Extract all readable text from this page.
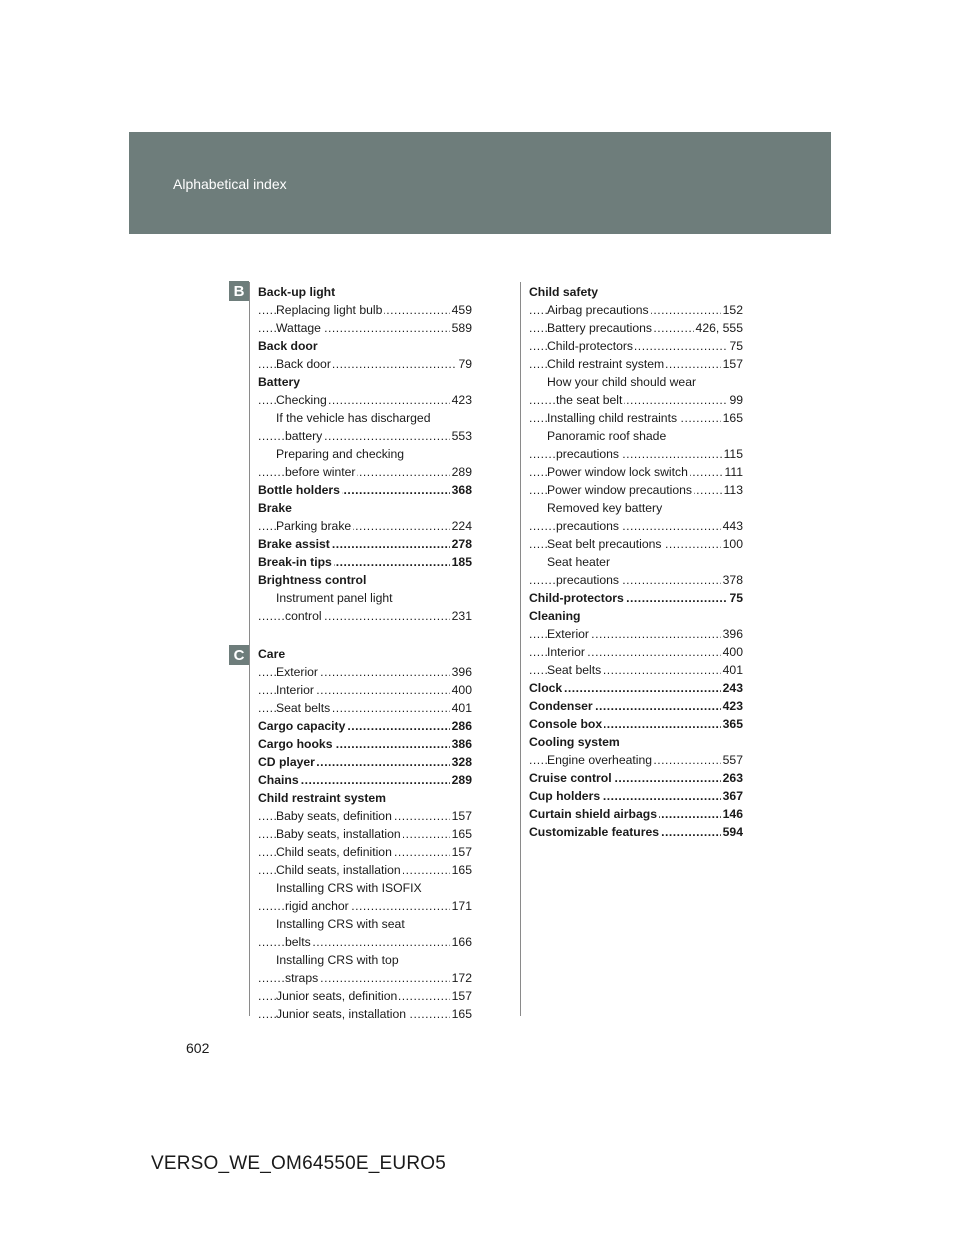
Alphabetical index
B
C
Back-up light
Replacing light bulb	459
.....
Wattage	589
.....
Back door
Back door	79
.....
Battery
Checking	423
.....
If the vehicle has discharged
battery	553
.....
Preparing and checking
before winter	289
.....
Bottle holders	368
.....
Brake
Parking brake	224
.....
Brake assist	278
.....
Break-in tips	185
.....
Brightness control
Instrument panel light
control	231
.....
Care
Exterior	396
.....
Interior	400
.....
Seat belts	401
.....
Cargo capacity	286
.....
Cargo hooks	386
.....
CD player	328
.....
Chains	289
.....
Child restraint system
Baby seats, definition	157
.....
Baby seats, installation	165
.....
Child seats, definition	157
.....
Child seats, installation	165
.....
Installing CRS with ISOFIX
rigid anchor	171
.....
Installing CRS with seat
belts	166
.....
Installing CRS with top
straps	172
.....
Junior seats, definition	157
.....
Junior seats, installation	165
.....
Child safety
Airbag precautions	152
.....
Battery precautions	426, 555
.....
Child-protectors	75
.....
Child restraint system	157
.....
How your child should wear
the seat belt	99
.....
Installing child restraints	165
.....
Panoramic roof shade
precautions	115
.....
Power window lock switch	111
.....
Power window precautions	113
.....
Removed key battery
precautions	443
.....
Seat belt precautions	100
.....
Seat heater
precautions	378
.....
Child-protectors	75
.....
Cleaning
Exterior	396
.....
Interior	400
.....
Seat belts	401
.....
Clock	243
.....
Condenser	423
.....
Console box	365
.....
Cooling system
Engine overheating	557
.....
Cruise control	263
.....
Cup holders	367
.....
Curtain shield airbags	146
.....
Customizable features	594
.....
602
VERSO_WE_OM64550E_EURO5
